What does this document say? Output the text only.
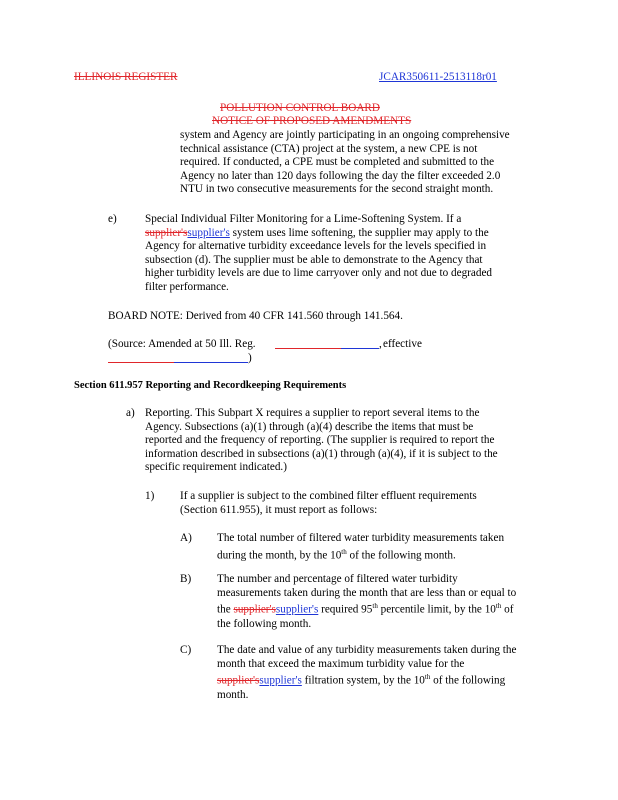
ILLINOIS REGISTER	JCAR350611-2513118r01
POLLUTION CONTROL BOARD
NOTICE OF PROPOSED AMENDMENTS
system and Agency are jointly participating in an ongoing comprehensive
technical assistance (CTA) project at the system, a new CPE is not
required. If conducted, a CPE must be completed and submitted to the
Agency no later than 120 days following the day the filter exceeded 2.0
NTU in two consecutive measurements for the second straight month.
e)	Special Individual Filter Monitoring for a Lime-Softening System. If a
supplier'ssupplier's system uses lime softening, the supplier may apply to the
Agency for alternative turbidity exceedance levels for the levels specified in
subsection (d). The supplier must be able to demonstrate to the Agency that
higher turbidity levels are due to lime carryover only and not due to degraded
filter performance.
BOARD NOTE: Derived from 40 CFR 141.560 through 141.564.
(Source: Amended at 50 Ill. Reg.	, effective
)
Section 611.957 Reporting and Recordkeeping Requirements
a) Reporting. This Subpart X requires a supplier to report several items to the
Agency. Subsections (a)(1) through (a)(4) describe the items that must be
reported and the frequency of reporting. (The supplier is required to report the
information described in subsections (a)(1) through (a)(4), if it is subject to the
specific requirement indicated.)
1) If a supplier is subject to the combined filter effluent requirements
(Section 611.955), it must report as follows:
A) The total number of filtered water turbidity measurements taken
during the month, by the 10th of the following month.
B) The number and percentage of filtered water turbidity
measurements taken during the month that are less than or equal to
the supplier'ssupplier's required 95th percentile limit, by the 10th of
the following month.
C) The date and value of any turbidity measurements taken during the
month that exceed the maximum turbidity value for the
supplier'ssupplier's filtration system, by the 10th of the following
month.
